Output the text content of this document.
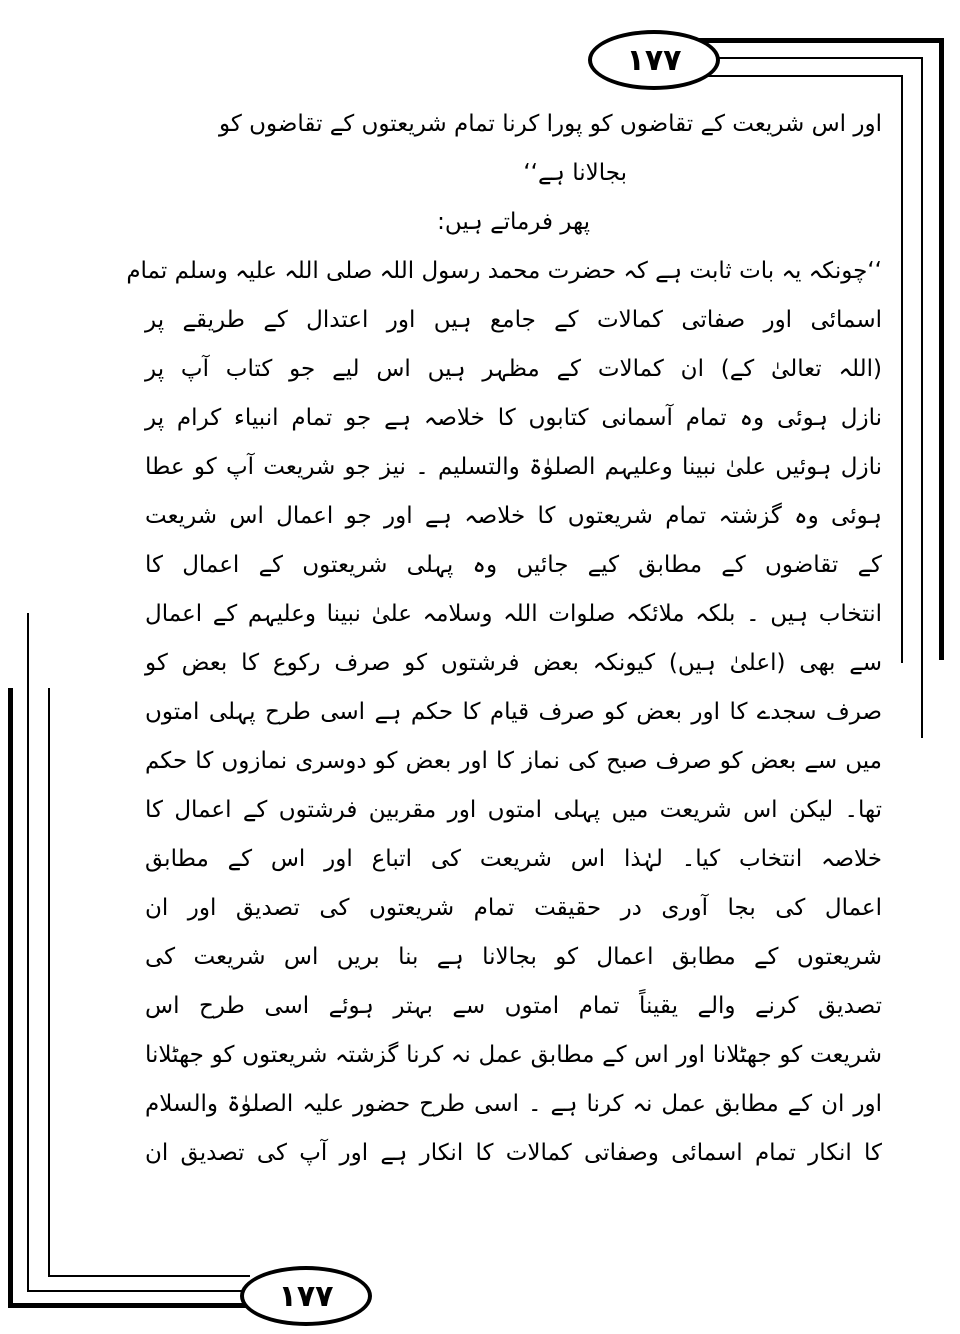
۱۷۷
۱۷۷
اور اس شریعت کے تقاضوں کو پورا کرنا تمام شریعتوں کے تقاضوں کو
بجالانا ہے‘‘
پھر فرماتے ہیں:
‘‘چونکہ یہ بات ثابت ہے کہ حضرت محمد رسول اللہ صلی اللہ علیہ وسلم تمام
اسمائی اور صفاتی کمالات کے جامع ہیں اور اعتدال کے طریقے پر
(اللہ تعالیٰ کے) ان کمالات کے مظہر ہیں اس لیے جو کتاب آپ پر
نازل ہوئی وہ تمام آسمانی کتابوں کا خلاصہ ہے جو تمام انبیاء کرام پر
نازل ہوئیں علیٰ نبینا وعلیہم الصلوٰۃ والتسلیم ۔ نیز جو شریعت آپ کو عطا
ہوئی وہ گزشتہ تمام شریعتوں کا خلاصہ ہے اور جو اعمال اس شریعت
کے تقاضوں کے مطابق کیے جائیں وہ پہلی شریعتوں کے اعمال کا
انتخاب ہیں ۔ بلکہ ملائکہ صلوات اللہ وسلامہ علیٰ نبینا وعلیہم کے اعمال
سے بھی (اعلیٰ ہیں) کیونکہ بعض فرشتوں کو صرف رکوع کا بعض کو
صرف سجدے کا اور بعض کو صرف قیام کا حکم ہے اسی طرح پہلی امتوں
میں سے بعض کو صرف صبح کی نماز کا اور بعض کو دوسری نمازوں کا حکم
تھا۔ لیکن اس شریعت میں پہلی امتوں اور مقربین فرشتوں کے اعمال کا
خلاصہ انتخاب کیا۔ لہٰذا اس شریعت کی اتباع اور اس کے مطابق
اعمال کی بجا آوری در حقیقت تمام شریعتوں کی تصدیق اور ان
شریعتوں کے مطابق اعمال کو بجالانا ہے بنا بریں اس شریعت کی
تصدیق کرنے والے یقیناً تمام امتوں سے بہتر ہوئے اسی طرح اس
شریعت کو جھٹلانا اور اس کے مطابق عمل نہ کرنا گزشتہ شریعتوں کو جھٹلانا
اور ان کے مطابق عمل نہ کرنا ہے ۔ اسی طرح حضور علیہ الصلوٰۃ والسلام
کا انکار تمام اسمائی وصفاتی کمالات کا انکار ہے اور آپ کی تصدیق ان
